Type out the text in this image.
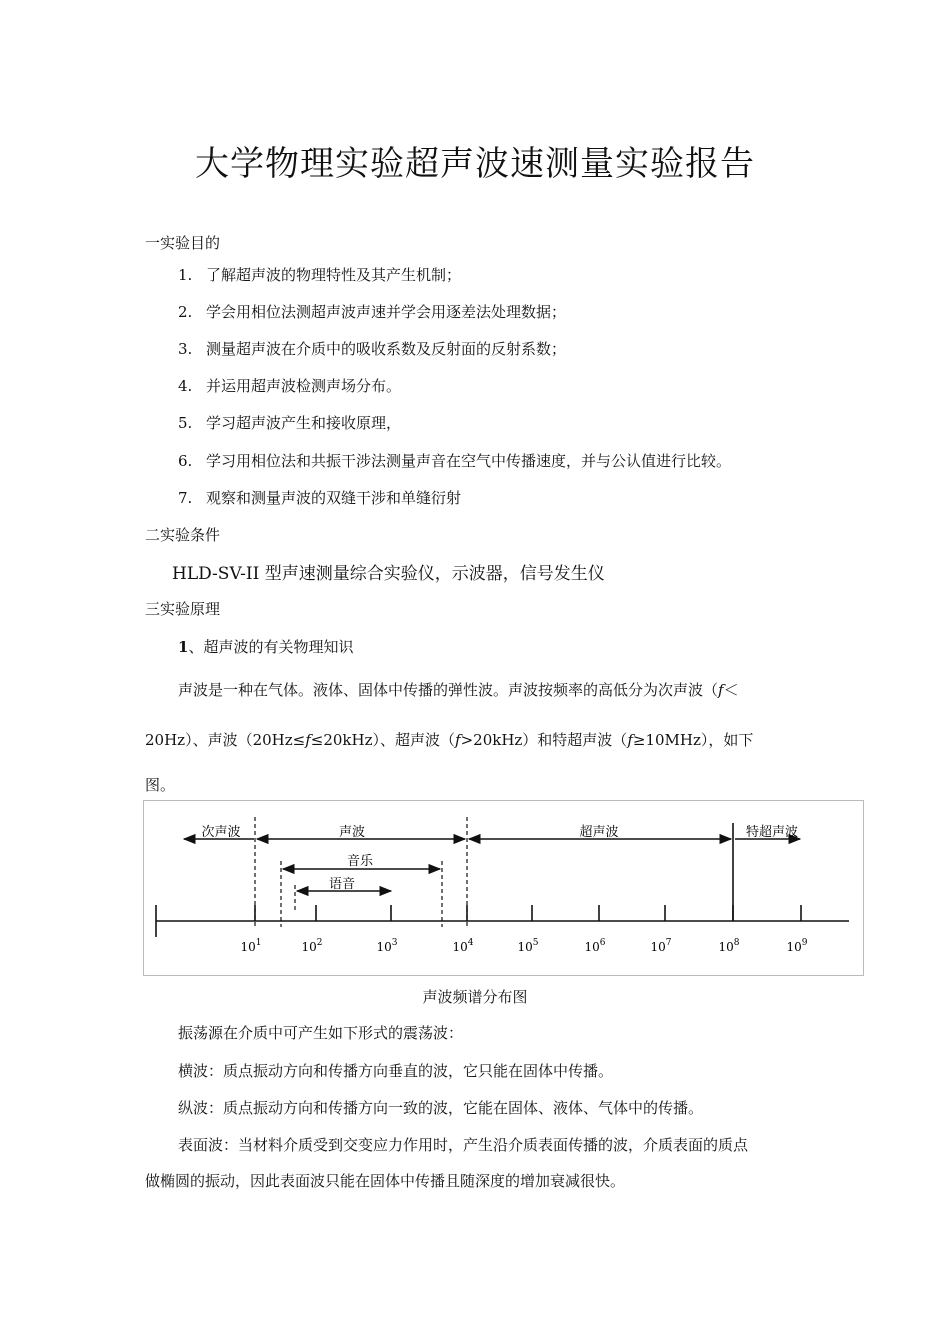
大学物理实验超声波速测量实验报告
一实验目的
1. 了解超声波的物理特性及其产生机制；
2. 学会用相位法测超声波声速并学会用逐差法处理数据；
3. 测量超声波在介质中的吸收系数及反射面的反射系数；
4. 并运用超声波检测声场分布。
5. 学习超声波产生和接收原理，
6. 学习用相位法和共振干涉法测量声音在空气中传播速度，并与公认值进行比较。
7. 观察和测量声波的双缝干涉和单缝衍射
二实验条件
HLD-SV-II 型声速测量综合实验仪，示波器，信号发生仪
三实验原理
1、超声波的有关物理知识
声波是一种在气体。液体、固体中传播的弹性波。声波按频率的高低分为次声波（f＜
20Hz）、声波（20Hz≤f≤20kHz）、超声波（f>20kHz）和特超声波（f≥10MHz），如下
图。
$10^1$	$10^2$	$10^3$	$10^4$	$10^5$	$10^6$	$10^7$	$10^8$	$10^9$
次声波	声波	超声波	特超声波
音乐
语音
声波频谱分布图
振荡源在介质中可产生如下形式的震荡波：
横波：质点振动方向和传播方向垂直的波，它只能在固体中传播。
纵波：质点振动方向和传播方向一致的波，它能在固体、液体、气体中的传播。
表面波：当材料介质受到交变应力作用时，产生沿介质表面传播的波，介质表面的质点
做椭圆的振动，因此表面波只能在固体中传播且随深度的增加衰减很快。
